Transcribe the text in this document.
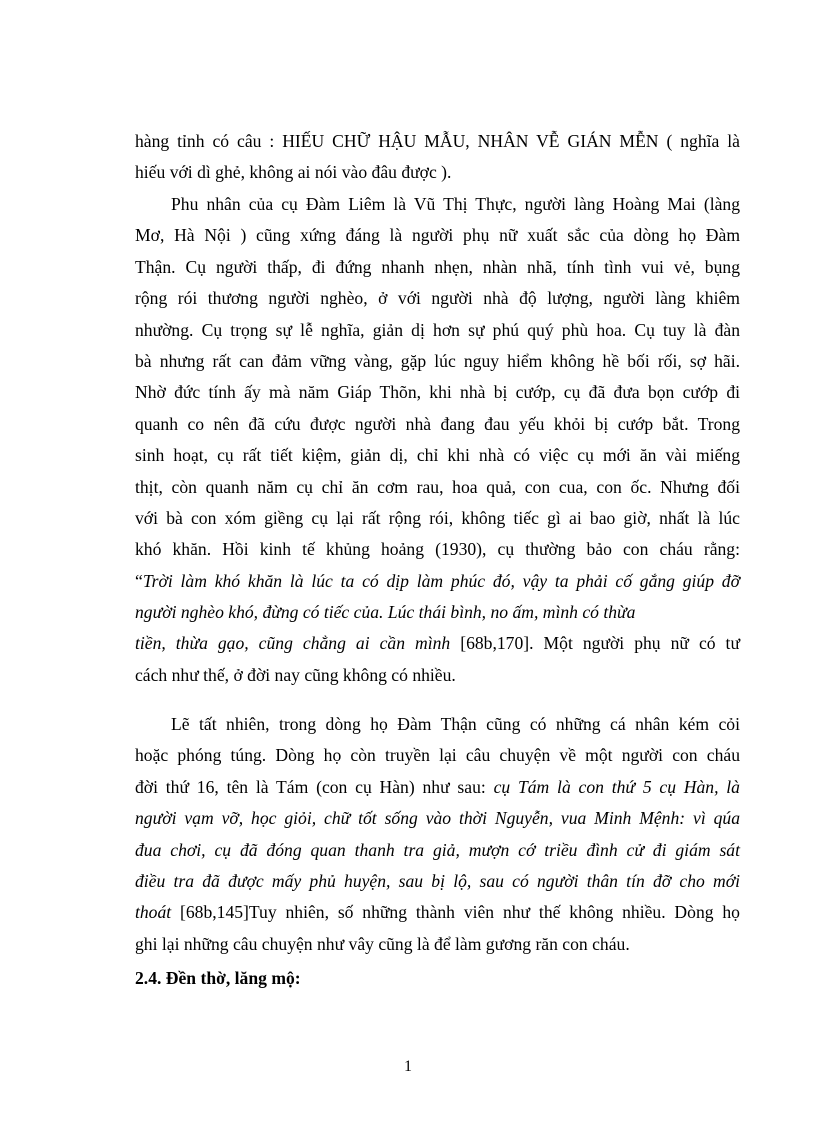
hàng tỉnh có câu : HIẾU CHỮ HẬU MẪU, NHÂN VỄ GIÁN MỄN ( nghĩa là
hiếu với dì ghẻ, không ai nói vào đâu được ).
Phu nhân của cụ Đàm Liêm là Vũ Thị Thực, người làng Hoàng Mai (làng
Mơ, Hà Nội ) cũng xứng đáng là người phụ nữ xuất sắc của dòng họ Đàm
Thận. Cụ người thấp, đi đứng nhanh nhẹn, nhàn nhã, tính tình vui vẻ, bụng
rộng rói thương người nghèo, ở với người nhà độ lượng, người làng khiêm
nhường. Cụ trọng sự lễ nghĩa, giản dị hơn sự phú quý phù hoa. Cụ tuy là đàn
bà nhưng rất can đảm vững vàng, gặp lúc nguy hiểm không hề bối rối, sợ hãi.
Nhờ đức tính ấy mà năm Giáp Thõn, khi nhà bị cướp, cụ đã đưa bọn cướp đi
quanh co nên đã cứu được người nhà đang đau yếu khỏi bị cướp bắt. Trong
sinh hoạt, cụ rất tiết kiệm, giản dị, chỉ khi nhà có việc cụ mới ăn vài miếng
thịt, còn quanh năm cụ chỉ ăn cơm rau, hoa quả, con cua, con ốc. Nhưng đối
với bà con xóm giềng cụ lại rất rộng rói, không tiếc gì ai bao giờ, nhất là lúc
khó khăn. Hồi kinh tế khủng hoảng (1930), cụ thường bảo con cháu rằng:
“Trời làm khó khăn là lúc ta có dịp làm phúc đó, vậy ta phải cố gắng giúp đỡ
người nghèo khó, đừng có tiếc của. Lúc thái bình, no ấm, mình có thừa
tiền, thừa gạo, cũng chẳng ai cần mình [68b,170]. Một người phụ nữ có tư
cách như thế, ở đời nay cũng không có nhiều.
Lẽ tất nhiên, trong dòng họ Đàm Thận cũng có những cá nhân kém cỏi
hoặc phóng túng. Dòng họ còn truyền lại câu chuyện về một người con cháu
đời thứ 16, tên là Tám (con cụ Hàn) như sau: cụ Tám là con thứ 5 cụ Hàn, là
người vạm vỡ, học giỏi, chữ tốt sống vào thời Nguyễn, vua Minh Mệnh: vì qúa
đua chơi, cụ đã đóng quan thanh tra giả, mượn cớ triều đình cử đi giám sát
điều tra đã được mấy phủ huyện, sau bị lộ, sau có người thân tín đỡ cho mới
thoát [68b,145]Tuy nhiên, số những thành viên như thế không nhiều. Dòng họ
ghi lại những câu chuyện như vây cũng là để làm gương răn con cháu.
2.4. Đền thờ, lăng mộ:
1
